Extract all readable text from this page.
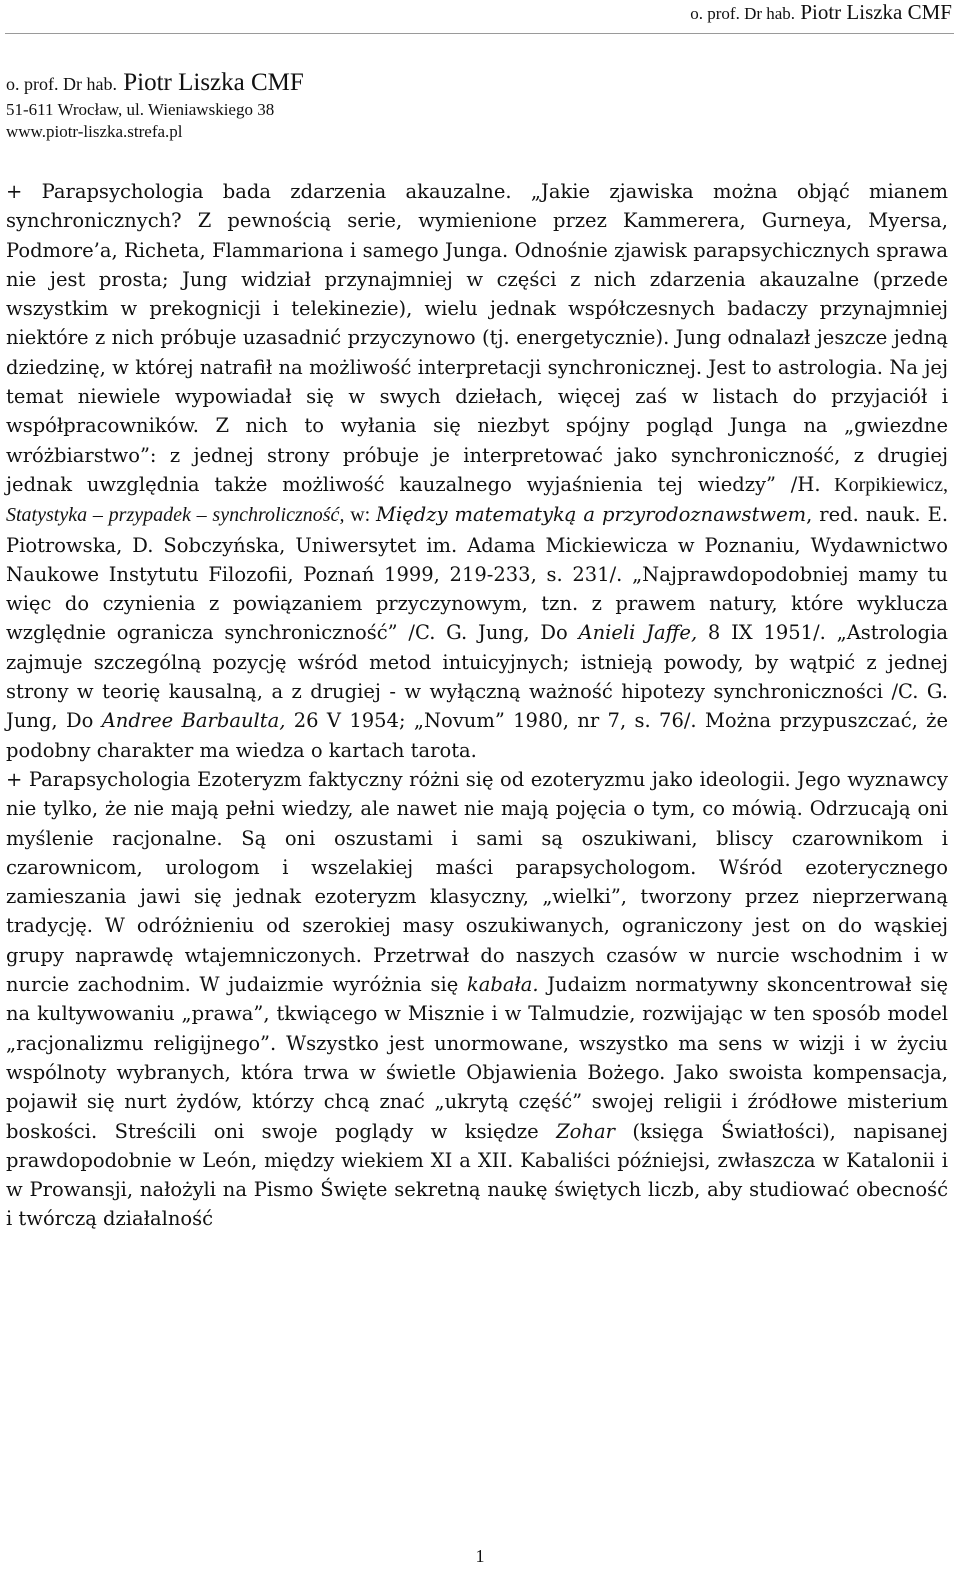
o. prof. Dr hab. Piotr Liszka CMF
o. prof. Dr hab. Piotr Liszka CMF
51-611 Wrocław, ul. Wieniawskiego 38
www.piotr-liszka.strefa.pl

+ Parapsychologia bada zdarzenia akauzalne. „Jakie zjawiska można objąć mianem synchronicznych? Z pewnością serie, wymienione przez Kammerera, Gurneya, Myersa, Podmore’a, Richeta, Flammariona i samego Junga. Odnośnie zjawisk parapsychicznych sprawa nie jest prosta; Jung widział przynajmniej w części z nich zdarzenia akauzalne (przede wszystkim w prekognicji i telekinezie), wielu jednak współczesnych badaczy przynajmniej niektóre z nich próbuje uzasadnić przyczynowo (tj. energetycznie). Jung odnalazł jeszcze jedną dziedzinę, w której natrafił na możliwość interpretacji synchronicznej. Jest to astrologia. Na jej temat niewiele wypowiadał się w swych dziełach, więcej zaś w listach do przyjaciół i współpracowników. Z nich to wyłania się niezbyt spójny pogląd Junga na „gwiezdne wróżbiarstwo”: z jednej strony próbuje je interpretować jako synchroniczność, z drugiej jednak uwzględnia także możliwość kauzalnego wyjaśnienia tej wiedzy” /H. Korpikiewicz, Statystyka – przypadek – synchroliczność, w: Między matematyką a przyrodoznawstwem, red. nauk. E. Piotrowska, D. Sobczyńska, Uniwersytet im. Adama Mickiewicza w Poznaniu, Wydawnictwo Naukowe Instytutu Filozofii, Poznań 1999, 219-233, s. 231/. „Najprawdopodobniej mamy tu więc do czynienia z powiązaniem przyczynowym, tzn. z prawem natury, które wyklucza względnie ogranicza synchroniczność” /C. G. Jung, Do Anieli Jaffe, 8 IX 1951/. „Astrologia zajmuje szczególną pozycję wśród metod intuicyjnych; istnieją powody, by wątpić z jednej strony w teorię kausalną, a z drugiej - w wyłączną ważność hipotezy synchroniczności /C. G. Jung, Do Andree Barbaulta, 26 V 1954; „Novum” 1980, nr 7, s. 76/. Można przypuszczać, że podobny charakter ma wiedza o kartach tarota.

+ Parapsychologia Ezoteryzm faktyczny różni się od ezoteryzmu jako ideologii. Jego wyznawcy nie tylko, że nie mają pełni wiedzy, ale nawet nie mają pojęcia o tym, co mówią. Odrzucają oni myślenie racjonalne. Są oni oszustami i sami są oszukiwani, bliscy czarownikom i czarownicom, urologom i wszelakiej maści parapsychologom. Wśród ezoterycznego zamieszania jawi się jednak ezoteryzm klasyczny, „wielki”, tworzony przez nieprzerwaną tradycję. W odróżnieniu od szerokiej masy oszukiwanych, ograniczony jest on do wąskiej grupy naprawdę wtajemniczonych. Przetrwał do naszych czasów w nurcie wschodnim i w nurcie zachodnim. W judaizmie wyróżnia się kabała. Judaizm normatywny skoncentrował się na kultywowaniu „prawa”, tkwiącego w Misznie i w Talmudzie, rozwijając w ten sposób model „racjonalizmu religijnego”. Wszystko jest unormowane, wszystko ma sens w wizji i w życiu wspólnoty wybranych, która trwa w świetle Objawienia Bożego. Jako swoista kompensacja, pojawił się nurt żydów, którzy chcą znać „ukrytą część” swojej religii i źródłowe misterium boskości. Streścili oni swoje poglądy w księdze Zohar (księga Światłości), napisanej prawdopodobnie w León, między wiekiem XI a XII. Kabaliści późniejsi, zwłaszcza w Katalonii i w Prowansji, nałożyli na Pismo Święte sekretną naukę świętych liczb, aby studiować obecność i twórczą działalność

1
